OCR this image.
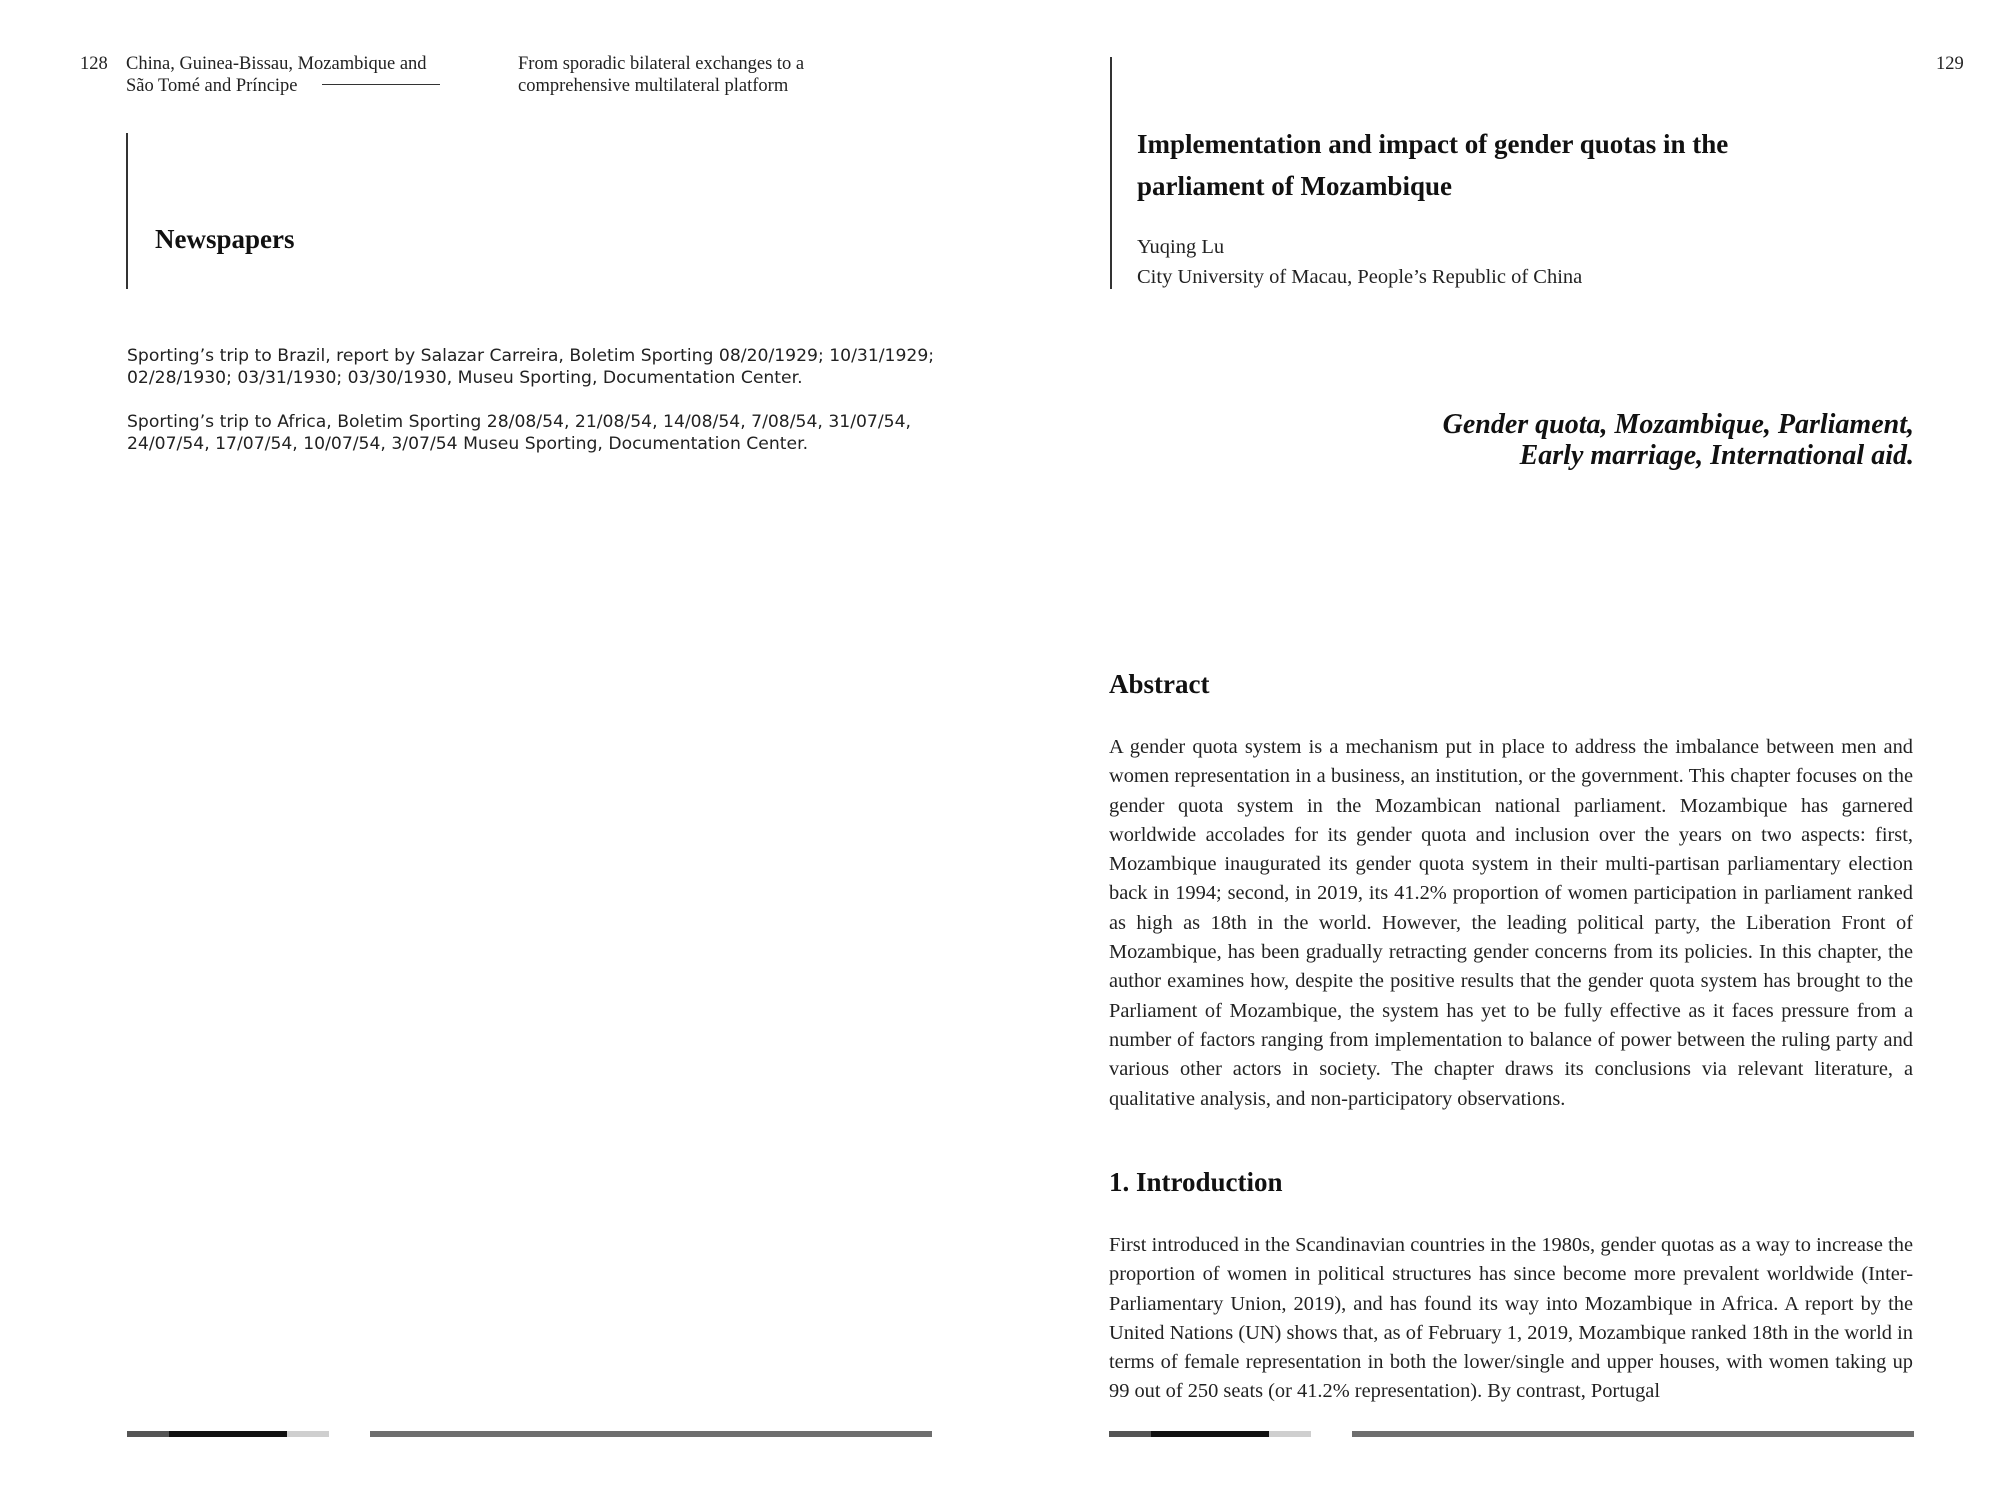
128 China, Guinea-Bissau, Mozambique and
São Tomé and Príncipe
From sporadic bilateral exchanges to a
comprehensive multilateral platform
Newspapers
Sporting’s trip to Brazil, report by Salazar Carreira, Boletim Sporting 08/20/1929; 10/31/1929;
02/28/1930; 03/31/1930; 03/30/1930, Museu Sporting, Documentation Center.
Sporting’s trip to Africa, Boletim Sporting 28/08/54, 21/08/54, 14/08/54, 7/08/54, 31/07/54,
24/07/54, 17/07/54, 10/07/54, 3/07/54 Museu Sporting, Documentation Center.
129
Implementation and impact of gender quotas in the parliament of Mozambique
Yuqing Lu
City University of Macau, People’s Republic of China
Gender quota, Mozambique, Parliament,
Early marriage, International aid.
Abstract
A gender quota system is a mechanism put in place to address the imbalance between men and women representation in a business, an institution, or the government. This chapter focuses on the gender quota system in the Mozambican national parliament. Mozambique has garnered worldwide accolades for its gender quota and inclusion over the years on two aspects: first, Mozambique inaugurated its gender quota system in their multi-partisan parliamentary election back in 1994; second, in 2019, its 41.2% proportion of women participation in parliament ranked as high as 18th in the world. However, the leading political party, the Liberation Front of Mozambique, has been gradually retracting gender concerns from its policies. In this chapter, the author examines how, despite the positive results that the gender quota system has brought to the Parliament of Mozambique, the system has yet to be fully effective as it faces pressure from a number of factors ranging from implementation to balance of power between the ruling party and various other actors in society. The chapter draws its conclusions via relevant literature, a qualitative analysis, and non-participatory observations.
1. Introduction
First introduced in the Scandinavian countries in the 1980s, gender quotas as a way to increase the proportion of women in political structures has since become more prevalent worldwide (Inter-Parliamentary Union, 2019), and has found its way into Mozambique in Africa. A report by the United Nations (UN) shows that, as of February 1, 2019, Mozambique ranked 18th in the world in terms of female representation in both the lower/single and upper houses, with women taking up 99 out of 250 seats (or 41.2% representation). By contrast, Portugal
